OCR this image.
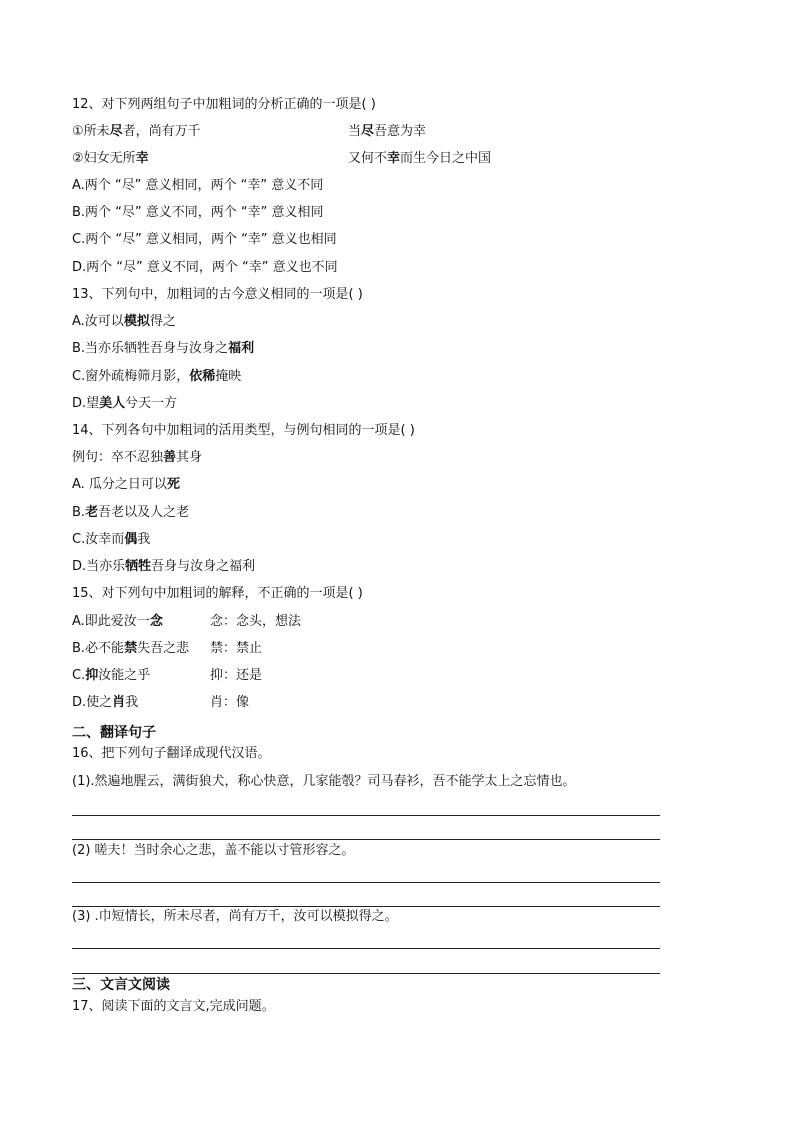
12、对下列两组句子中加粗词的分析正确的一项是( )
①所未尽者，尚有万千	当尽吾意为幸
②妇女无所幸	又何不幸而生今日之中国
A.两个 “尽” 意义相同，两个 “幸” 意义不同
B.两个 “尽” 意义不同，两个 “幸” 意义相同
C.两个 “尽” 意义相同，两个 “幸” 意义也相同
D.两个 “尽” 意义不同，两个 “幸” 意义也不同
13、下列句中，加粗词的古今意义相同的一项是( )
A.汝可以模拟得之
B.当亦乐牺牲吾身与汝身之福利
C.窗外疏梅筛月影，依稀掩映
D.望美人兮天一方
14、下列各句中加粗词的活用类型，与例句相同的一项是( )
例句：卒不忍独善其身
A. 瓜分之日可以死
B.老吾老以及人之老
C.汝幸而偶我
D.当亦乐牺牲吾身与汝身之福利
15、对下列句中加粗词的解释，不正确的一项是( )
A.即此爱汝一念	念：念头，想法
B.必不能禁失吾之悲 禁：禁止
C.抑汝能之乎	抑：还是
D.使之肖我	肖：像
二、翻译句子
16、把下列句子翻译成现代汉语。
(1).然遍地腥云，满街狼犬，称心快意，几家能彀？司马春衫，吾不能学太上之忘情也。
(2) 嗟夫！当时余心之悲，盖不能以寸管形容之。
(3) .巾短情长，所未尽者，尚有万千，汝可以模拟得之。
三、文言文阅读
17、阅读下面的文言文,完成问题。
